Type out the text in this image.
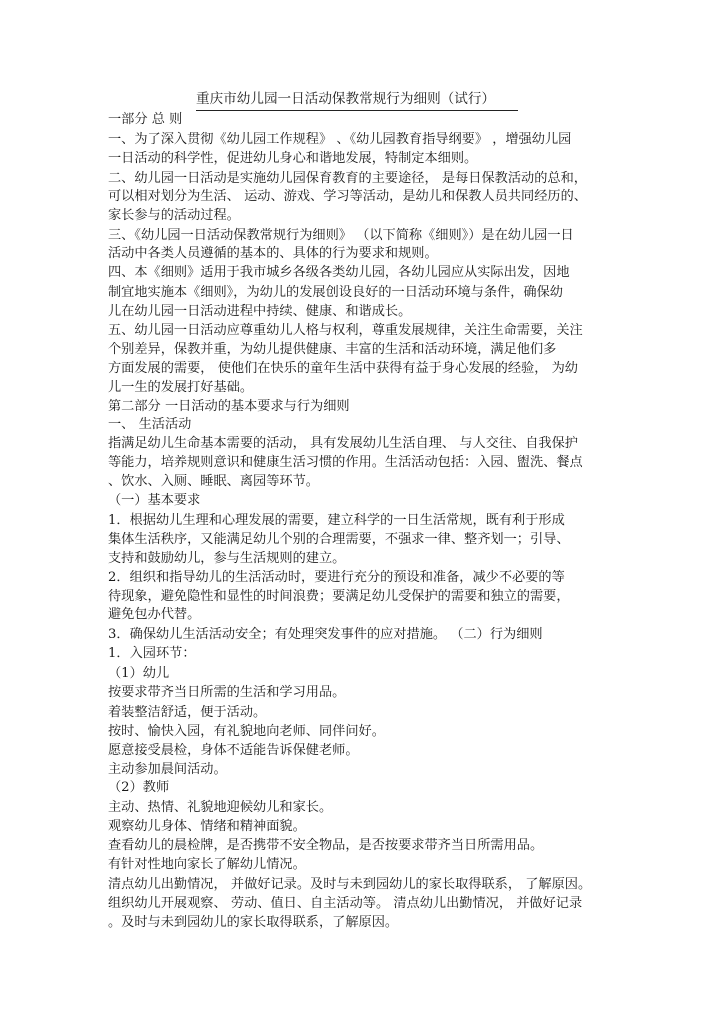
重庆市幼儿园一日活动保教常规行为细则（试行）
一部分 总 则
一、为了深入贯彻《幼儿园工作规程》 、《幼儿园教育指导纲要》 ，增强幼儿园
一日活动的科学性，促进幼儿身心和谐地发展，特制定本细则。
二、幼儿园一日活动是实施幼儿园保育教育的主要途径， 是每日保教活动的总和，
可以相对划分为生活、 运动、游戏、学习等活动，是幼儿和保教人员共同经历的、
家长参与的活动过程。
三、《幼儿园一日活动保教常规行为细则》 （以下简称《细则》）是在幼儿园一日
活动中各类人员遵循的基本的、具体的行为要求和规则。
四、本《细则》适用于我市城乡各级各类幼儿园，各幼儿园应从实际出发，因地
制宜地实施本《细则》，为幼儿的发展创设良好的一日活动环境与条件，确保幼
儿在幼儿园一日活动进程中持续、健康、和谐成长。
五、幼儿园一日活动应尊重幼儿人格与权利，尊重发展规律，关注生命需要，关注
个别差异，保教并重，为幼儿提供健康、丰富的生活和活动环境，满足他们多
方面发展的需要， 使他们在快乐的童年生活中获得有益于身心发展的经验， 为幼
儿一生的发展打好基础。
第二部分 一日活动的基本要求与行为细则
一、 生活活动
指满足幼儿生命基本需要的活动， 具有发展幼儿生活自理、 与人交往、自我保护
等能力，培养规则意识和健康生活习惯的作用。生活活动包括：入园、盥洗、餐点
、饮水、入厕、睡眠、离园等环节。
（一）基本要求
1．根据幼儿生理和心理发展的需要，建立科学的一日生活常规，既有利于形成
集体生活秩序，又能满足幼儿个别的合理需要，不强求一律、整齐划一；引导、
支持和鼓励幼儿，参与生活规则的建立。
2．组织和指导幼儿的生活活动时，要进行充分的预设和准备，减少不必要的等
待现象，避免隐性和显性的时间浪费；要满足幼儿受保护的需要和独立的需要，
避免包办代替。
3．确保幼儿生活活动安全；有处理突发事件的应对措施。 （二）行为细则
1．入园环节：
（1）幼儿
按要求带齐当日所需的生活和学习用品。
着装整洁舒适，便于活动。
按时、愉快入园，有礼貌地向老师、同伴问好。
愿意接受晨检，身体不适能告诉保健老师。
主动参加晨间活动。
（2）教师
主动、热情、礼貌地迎候幼儿和家长。
观察幼儿身体、情绪和精神面貌。
查看幼儿的晨检牌，是否携带不安全物品，是否按要求带齐当日所需用品。
有针对性地向家长了解幼儿情况。
清点幼儿出勤情况， 并做好记录。及时与未到园幼儿的家长取得联系， 了解原因。
组织幼儿开展观察、 劳动、值日、自主活动等。 清点幼儿出勤情况， 并做好记录
。及时与未到园幼儿的家长取得联系，了解原因。
